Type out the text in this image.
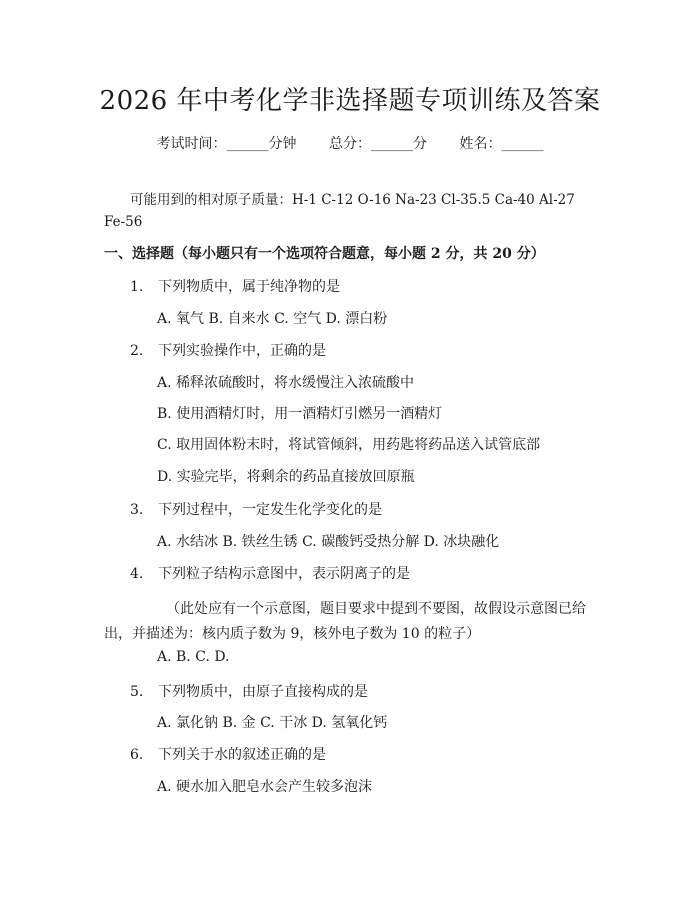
2026 年中考化学非选择题专项训练及答案
考试时间：______分钟 总分：______分 姓名：______
可能用到的相对原子质量：H-1 C-12 O-16 Na-23 Cl-35.5 Ca-40 Al-27 Fe-56
一、选择题（每小题只有一个选项符合题意，每小题 2 分，共 20 分）
1. 下列物质中，属于纯净物的是
A. 氧气 B. 自来水 C. 空气 D. 漂白粉
2. 下列实验操作中，正确的是
A. 稀释浓硫酸时，将水缓慢注入浓硫酸中
B. 使用酒精灯时，用一酒精灯引燃另一酒精灯
C. 取用固体粉末时，将试管倾斜，用药匙将药品送入试管底部
D. 实验完毕，将剩余的药品直接放回原瓶
3. 下列过程中，一定发生化学变化的是
A. 水结冰 B. 铁丝生锈 C. 碳酸钙受热分解 D. 冰块融化
4. 下列粒子结构示意图中，表示阴离子的是
（此处应有一个示意图，题目要求中提到不要图，故假设示意图已给出，并描述为：核内质子数为 9，核外电子数为 10 的粒子）
A. B. C. D.
5. 下列物质中，由原子直接构成的是
A. 氯化钠 B. 金 C. 干冰 D. 氢氧化钙
6. 下列关于水的叙述正确的是
A. 硬水加入肥皂水会产生较多泡沫
